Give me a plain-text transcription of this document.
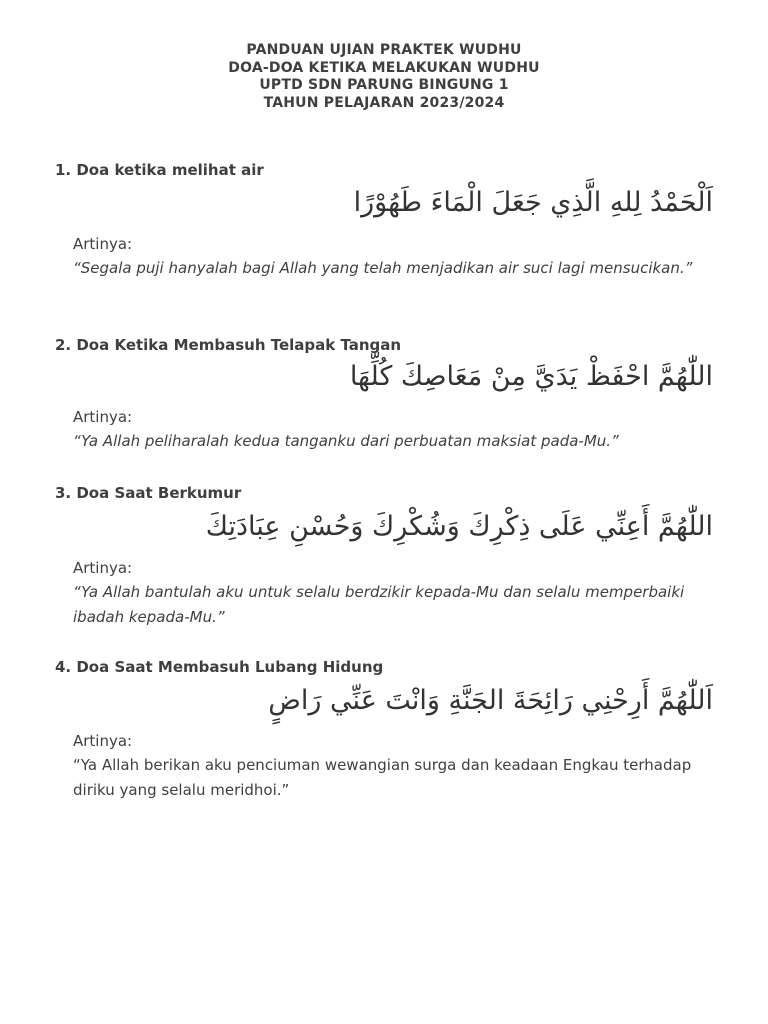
PANDUAN UJIAN PRAKTEK WUDHU
DOA-DOA KETIKA MELAKUKAN WUDHU
UPTD SDN PARUNG BINGUNG 1
TAHUN PELAJARAN 2023/2024
1. Doa ketika melihat air
اَلْحَمْدُ لِلهِ الَّذِي جَعَلَ الْمَاءَ طَهُوْرًا
Artinya:
“Segala puji hanyalah bagi Allah yang telah menjadikan air suci lagi mensucikan.”
2. Doa Ketika Membasuh Telapak Tangan
اللّٰهُمَّ احْفَظْ يَدَيَّ مِنْ مَعَاصِكَ كُلِّهَا
Artinya:
“Ya Allah peliharalah kedua tanganku dari perbuatan maksiat pada-Mu.”
3. Doa Saat Berkumur
اللّٰهُمَّ أَعِنِّي عَلَى ذِكْرِكَ وَشُكْرِكَ وَحُسْنِ عِبَادَتِكَ
Artinya:
“Ya Allah bantulah aku untuk selalu berdzikir kepada-Mu dan selalu memperbaiki ibadah kepada-Mu.”
4. Doa Saat Membasuh Lubang Hidung
اَللّٰهُمَّ أَرِحْنِي رَائِحَةَ الجَنَّةِ وَانْتَ عَنِّي رَاضٍ
Artinya:
“Ya Allah berikan aku penciuman wewangian surga dan keadaan Engkau terhadap diriku yang selalu meridhoi.”
